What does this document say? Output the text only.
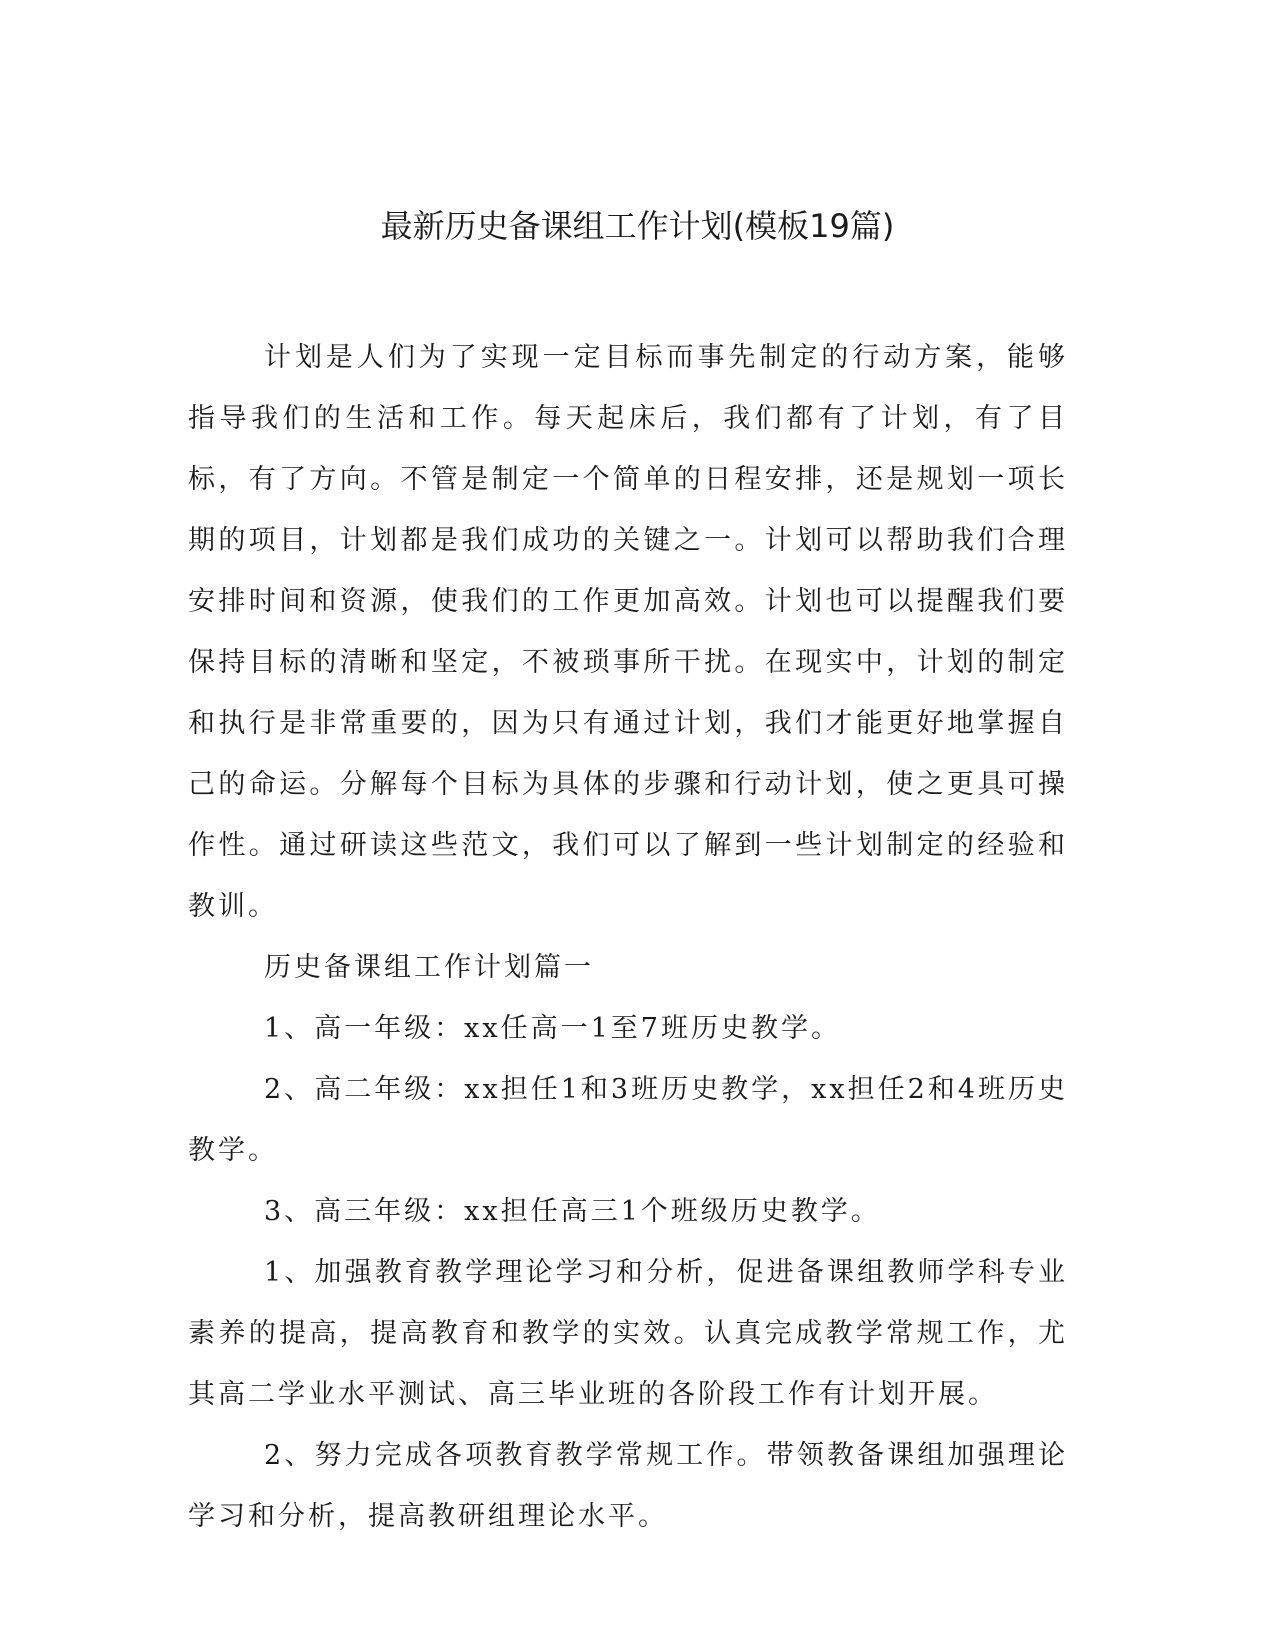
最新历史备课组工作计划(模板19篇)

计划是人们为了实现一定目标而事先制定的行动方案，能够指导我们的生活和工作。每天起床后，我们都有了计划，有了目标，有了方向。不管是制定一个简单的日程安排，还是规划一项长期的项目，计划都是我们成功的关键之一。计划可以帮助我们合理安排时间和资源，使我们的工作更加高效。计划也可以提醒我们要保持目标的清晰和坚定，不被琐事所干扰。在现实中，计划的制定和执行是非常重要的，因为只有通过计划，我们才能更好地掌握自己的命运。分解每个目标为具体的步骤和行动计划，使之更具可操作性。通过研读这些范文，我们可以了解到一些计划制定的经验和教训。

历史备课组工作计划篇一

1、高一年级：xx任高一1至7班历史教学。

2、高二年级：xx担任1和3班历史教学，xx担任2和4班历史教学。

3、高三年级：xx担任高三1个班级历史教学。

1、加强教育教学理论学习和分析，促进备课组教师学科专业素养的提高，提高教育和教学的实效。认真完成教学常规工作，尤其高二学业水平测试、高三毕业班的各阶段工作有计划开展。

2、努力完成各项教育教学常规工作。带领教备课组加强理论学习和分析，提高教研组理论水平。
